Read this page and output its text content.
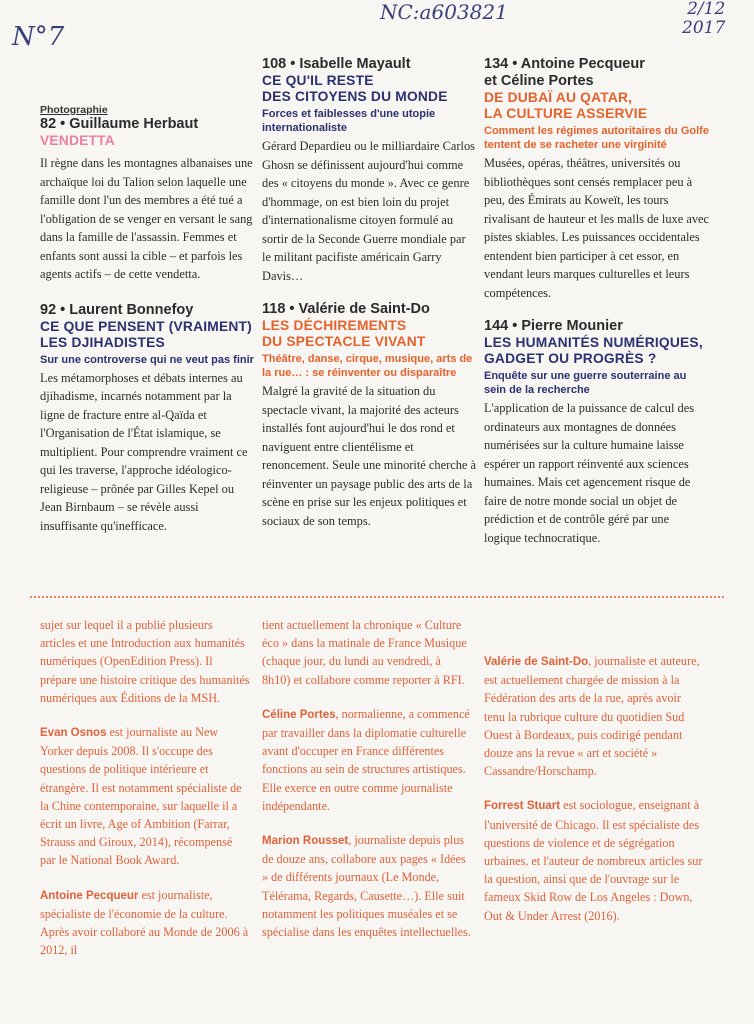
N°7
NC:a603821	2/12
2017
Photographie
82 • Guillaume Herbaut
VENDETTA
Il règne dans les montagnes albanaises une archaïque loi du Talion selon laquelle une famille dont l'un des membres a été tué a l'obligation de se venger en versant le sang dans la famille de l'assassin. Femmes et enfants sont aussi la cible – et parfois les agents actifs – de cette vendetta.
92 • Laurent Bonnefoy
CE QUE PENSENT (VRAIMENT)
LES DJIHADISTES
Sur une controverse qui ne veut pas finir
Les métamorphoses et débats internes au djihadisme, incarnés notamment par la ligne de fracture entre al-Qaïda et l'Organisation de l'État islamique, se multiplient. Pour comprendre vraiment ce qui les traverse, l'approche idéologico-religieuse – prônée par Gilles Kepel ou Jean Birnbaum – se révèle aussi insuffisante qu'inefficace.
108 • Isabelle Mayault
CE QU'IL RESTE
DES CITOYENS DU MONDE
Forces et faiblesses d'une utopie internationaliste
Gérard Depardieu ou le milliardaire Carlos Ghosn se définissent aujourd'hui comme des « citoyens du monde ». Avec ce genre d'hommage, on est bien loin du projet d'internationalisme citoyen formulé au sortir de la Seconde Guerre mondiale par le militant pacifiste américain Garry Davis…
118 • Valérie de Saint-Do
LES DÉCHIREMENTS
DU SPECTACLE VIVANT
Théâtre, danse, cirque, musique, arts de la rue… : se réinventer ou disparaître
Malgré la gravité de la situation du spectacle vivant, la majorité des acteurs installés font aujourd'hui le dos rond et naviguent entre clientélisme et renoncement. Seule une minorité cherche à réinventer un paysage public des arts de la scène en prise sur les enjeux politiques et sociaux de son temps.
134 • Antoine Pecqueur
et Céline Portes
DE DUBAÏ AU QATAR,
LA CULTURE ASSERVIE
Comment les régimes autoritaires du Golfe tentent de se racheter une virginité
Musées, opéras, théâtres, universités ou bibliothèques sont censés remplacer peu à peu, des Émirats au Koweït, les tours rivalisant de hauteur et les malls de luxe avec pistes skiables. Les puissances occidentales entendent bien participer à cet essor, en vendant leurs marques culturelles et leurs compétences.
144 • Pierre Mounier
LES HUMANITÉS NUMÉRIQUES,
GADGET OU PROGRÈS ?
Enquête sur une guerre souterraine au sein de la recherche
L'application de la puissance de calcul des ordinateurs aux montagnes de données numérisées sur la culture humaine laisse espérer un rapport réinventé aux sciences humaines. Mais cet agencement risque de faire de notre monde social un objet de prédiction et de contrôle géré par une logique technocratique.

sujet sur lequel il a publié plusieurs articles et une Introduction aux humanités numériques (OpenEdition Press). Il prépare une histoire critique des humanités numériques aux Éditions de la MSH.

Evan Osnos est journaliste au New Yorker depuis 2008. Il s'occupe des questions de politique intérieure et étrangère. Il est notamment spécialiste de la Chine contemporaine, sur laquelle il a écrit un livre, Age of Ambition (Farrar, Strauss and Giroux, 2014), récompensé par le National Book Award.

Antoine Pecqueur est journaliste, spécialiste de l'économie de la culture. Après avoir collaboré au Monde de 2006 à 2012, il

tient actuellement la chronique « Culture éco » dans la matinale de France Musique (chaque jour, du lundi au vendredi, à 8h10) et collabore comme reporter à RFI.

Céline Portes, normalienne, a commencé par travailler dans la diplomatie culturelle avant d'occuper en France différentes fonctions au sein de structures artistiques. Elle exerce en outre comme journaliste indépendante.

Marion Rousset, journaliste depuis plus de douze ans, collabore aux pages « Idées » de différents journaux (Le Monde, Télérama, Regards, Causette…). Elle suit notamment les politiques muséales et se spécialise dans les enquêtes intellectuelles.

Valérie de Saint-Do, journaliste et auteure, est actuellement chargée de mission à la Fédération des arts de la rue, après avoir tenu la rubrique culture du quotidien Sud Ouest à Bordeaux, puis codirigé pendant douze ans la revue « art et société » Cassandre/Horschamp.

Forrest Stuart est sociologue, enseignant à l'université de Chicago. Il est spécialiste des questions de violence et de ségrégation urbaines, et l'auteur de nombreux articles sur la question, ainsi que de l'ouvrage sur le fameux Skid Row de Los Angeles : Down, Out & Under Arrest (2016).
